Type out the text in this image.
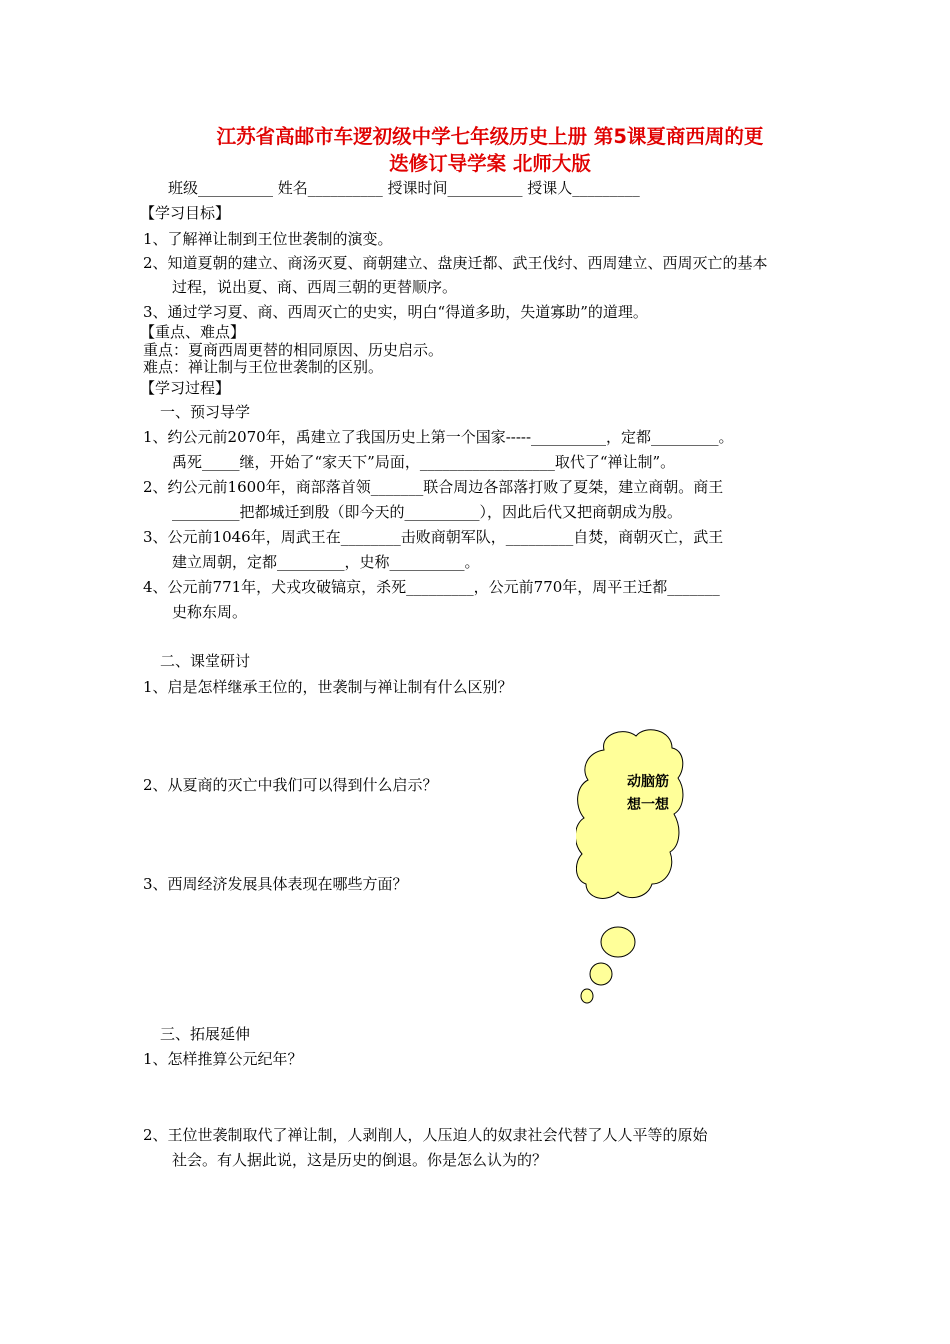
江苏省高邮市车逻初级中学七年级历史上册 第5课夏商西周的更
迭修订导学案 北师大版
班级__________ 姓名__________ 授课时间__________ 授课人_________
【学习目标】
1、了解禅让制到王位世袭制的演变。
2、知道夏朝的建立、商汤灭夏、商朝建立、盘庚迁都、武王伐纣、西周建立、西周灭亡的基本
过程，说出夏、商、西周三朝的更替顺序。
3、通过学习夏、商、西周灭亡的史实，明白“得道多助，失道寡助”的道理。
【重点、难点】
重点：夏商西周更替的相同原因、历史启示。
难点：禅让制与王位世袭制的区别。
【学习过程】
一、预习导学
1、约公元前2070年，禹建立了我国历史上第一个国家-----__________，定都_________。
禹死_____继，开始了“家天下”局面，__________________取代了“禅让制”。
2、约公元前1600年，商部落首领_______联合周边各部落打败了夏桀，建立商朝。商王
_________把都城迁到殷（即今天的__________），因此后代又把商朝成为殷。
3、公元前1046年，周武王在________击败商朝军队，_________自焚，商朝灭亡，武王
建立周朝，定都_________，史称__________。
4、公元前771年，犬戎攻破镐京，杀死_________，公元前770年，周平王迁都_______
史称东周。
二、课堂研讨
1、启是怎样继承王位的，世袭制与禅让制有什么区别？
2、从夏商的灭亡中我们可以得到什么启示？
3、西周经济发展具体表现在哪些方面？
动脑筋
想一想
三、拓展延伸
1、怎样推算公元纪年？
2、王位世袭制取代了禅让制，人剥削人，人压迫人的奴隶社会代替了人人平等的原始
社会。有人据此说，这是历史的倒退。你是怎么认为的？
